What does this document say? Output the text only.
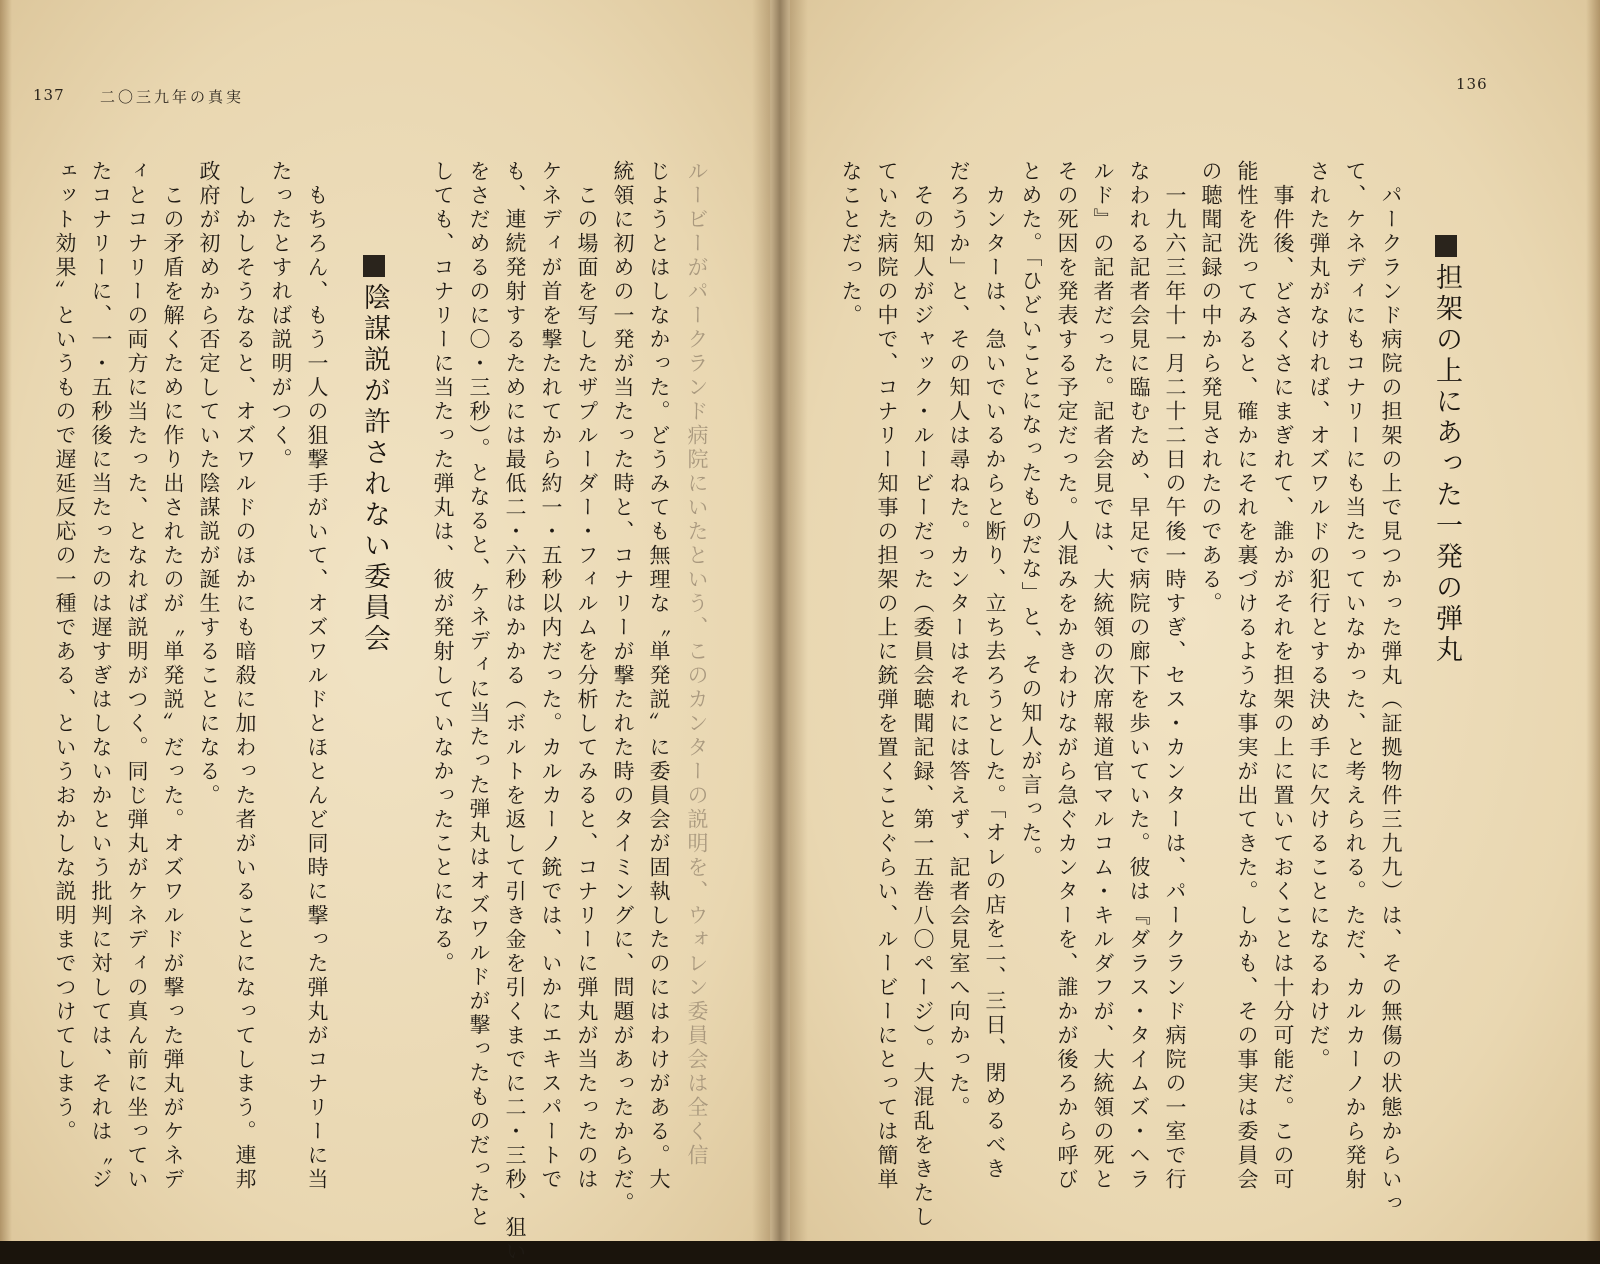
137 二〇三九年の真実
ルービーがパークランド病院にいたという、このカンターの説明を、ウォレン委員会は全く信
じようとはしなかった。どうみても無理な〝単発説〟に委員会が固執したのにはわけがある。大
統領に初めの一発が当たった時と、コナリーが撃たれた時のタイミングに、問題があったからだ。
　この場面を写したザプルーダー・フィルムを分析してみると、コナリーに弾丸が当たったのは
ケネディが首を撃たれてから約一・五秒以内だった。カルカーノ銃では、いかにエキスパートで
も、連続発射するためには最低二・六秒はかかる（ボルトを返して引き金を引くまでに二・三秒、狙い
をさだめるのに〇・三秒）。となると、ケネディに当たった弾丸はオズワルドが撃ったものだったと
しても、コナリーに当たった弾丸は、彼が発射していなかったことになる。
陰謀説が許されない委員会
　もちろん、もう一人の狙撃手がいて、オズワルドとほとんど同時に撃った弾丸がコナリーに当
たったとすれば説明がつく。
　しかしそうなると、オズワルドのほかにも暗殺に加わった者がいることになってしまう。連邦
政府が初めから否定していた陰謀説が誕生することになる。
　この矛盾を解くために作り出されたのが〝単発説〟だった。オズワルドが撃った弾丸がケネデ
ィとコナリーの両方に当たった、となれば説明がつく。同じ弾丸がケネディの真ん前に坐ってい
たコナリーに、一・五秒後に当たったのは遅すぎはしないかという批判に対しては、それは〝ジ
ェット効果〟というもので遅延反応の一種である、というおかしな説明までつけてしまう。
136
担架の上にあった一発の弾丸
　パークランド病院の担架の上で見つかった弾丸（証拠物件三九九）は、その無傷の状態からいっ
て、ケネディにもコナリーにも当たっていなかった、と考えられる。ただ、カルカーノから発射
された弾丸がなければ、オズワルドの犯行とする決め手に欠けることになるわけだ。
　事件後、どさくさにまぎれて、誰かがそれを担架の上に置いておくことは十分可能だ。この可
能性を洗ってみると、確かにそれを裏づけるような事実が出てきた。しかも、その事実は委員会
の聴聞記録の中から発見されたのである。
　一九六三年十一月二十二日の午後一時すぎ、セス・カンターは、パークランド病院の一室で行
なわれる記者会見に臨むため、早足で病院の廊下を歩いていた。彼は『ダラス・タイムズ・ヘラ
ルド』の記者だった。記者会見では、大統領の次席報道官マルコム・キルダフが、大統領の死と
その死因を発表する予定だった。人混みをかきわけながら急ぐカンターを、誰かが後ろから呼び
とめた。「ひどいことになったものだな」と、その知人が言った。
　カンターは、急いでいるからと断り、立ち去ろうとした。「オレの店を二、三日、閉めるべき
だろうか」と、その知人は尋ねた。カンターはそれには答えず、記者会見室へ向かった。
　その知人がジャック・ルービーだった（委員会聴聞記録、第一五巻八〇ページ）。大混乱をきたし
ていた病院の中で、コナリー知事の担架の上に銃弾を置くことぐらい、ルービーにとっては簡単
なことだった。
